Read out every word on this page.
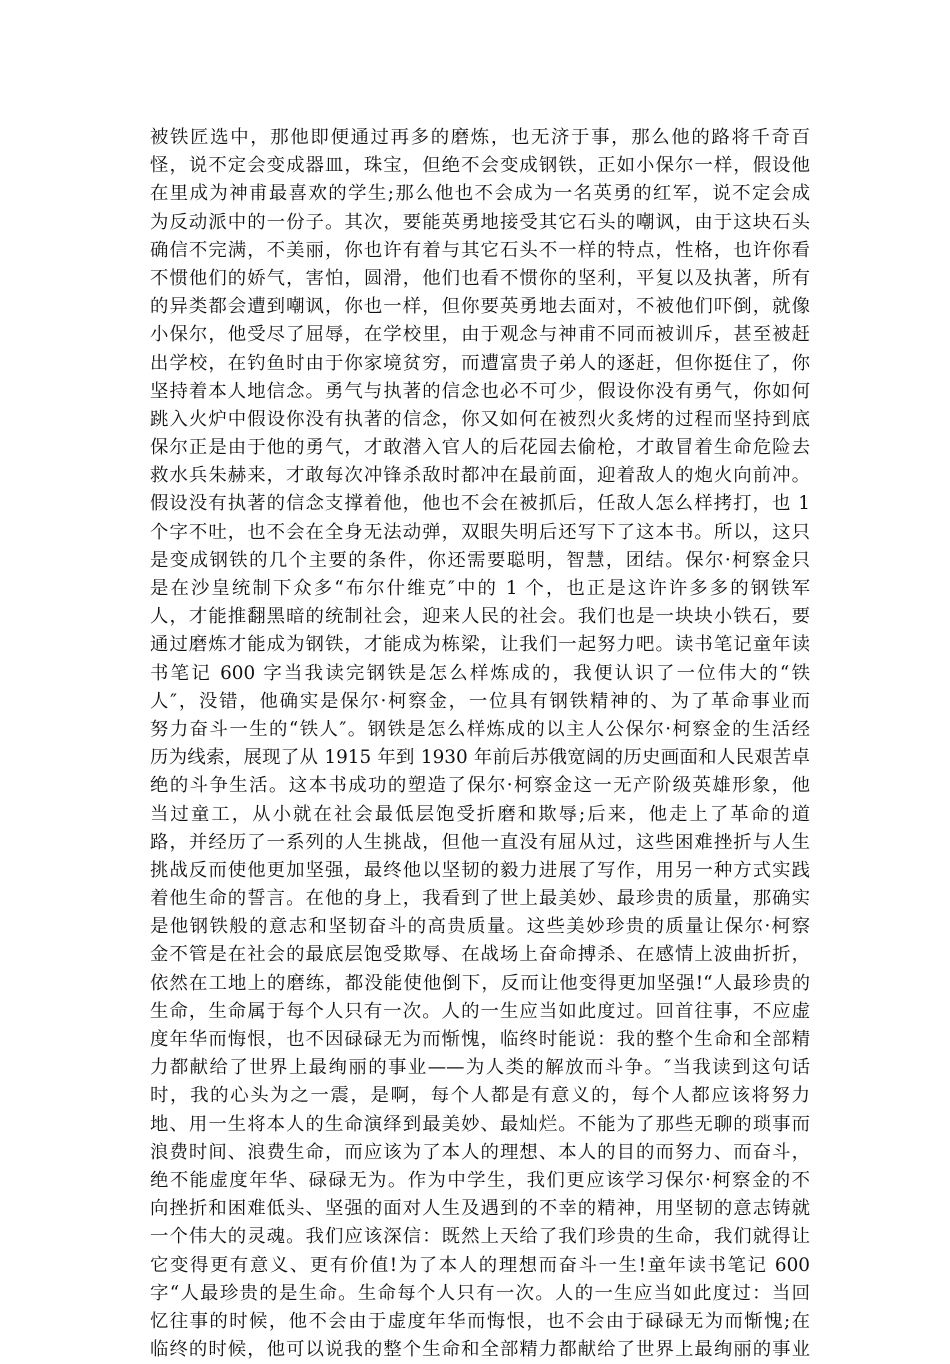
被铁匠选中，那他即便通过再多的磨炼，也无济于事，那么他的路将千奇百
怪，说不定会变成器皿，珠宝，但绝不会变成钢铁，正如小保尔一样，假设他
在里成为神甫最喜欢的学生;那么他也不会成为一名英勇的红军，说不定会成
为反动派中的一份子。其次，要能英勇地接受其它石头的嘲讽，由于这块石头
确信不完满，不美丽，你也许有着与其它石头不一样的特点，性格，也许你看
不惯他们的娇气，害怕，圆滑，他们也看不惯你的坚利，平复以及执著，所有
的异类都会遭到嘲讽，你也一样，但你要英勇地去面对，不被他们吓倒，就像
小保尔，他受尽了屈辱，在学校里，由于观念与神甫不同而被训斥，甚至被赶
出学校，在钓鱼时由于你家境贫穷，而遭富贵子弟人的逐赶，但你挺住了，你
坚持着本人地信念。勇气与执著的信念也必不可少，假设你没有勇气，你如何
跳入火炉中假设你没有执著的信念，你又如何在被烈火炙烤的过程而坚持到底
保尔正是由于他的勇气，才敢潜入官人的后花园去偷枪，才敢冒着生命危险去
救水兵朱赫来，才敢每次冲锋杀敌时都冲在最前面，迎着敌人的炮火向前冲。
假设没有执著的信念支撑着他，他也不会在被抓后，任敌人怎么样拷打，也 1
个字不吐，也不会在全身无法动弹，双眼失明后还写下了这本书。所以，这只
是变成钢铁的几个主要的条件，你还需要聪明，智慧，团结。保尔·柯察金只
是在沙皇统制下众多“布尔什维克″中的 1 个，也正是这许许多多的钢铁军
人，才能推翻黑暗的统制社会，迎来人民的社会。我们也是一块块小铁石，要
通过磨炼才能成为钢铁，才能成为栋梁，让我们一起努力吧。读书笔记童年读
书笔记 600 字当我读完钢铁是怎么样炼成的，我便认识了一位伟大的“铁
人″，没错，他确实是保尔·柯察金，一位具有钢铁精神的、为了革命事业而
努力奋斗一生的“铁人″。钢铁是怎么样炼成的以主人公保尔·柯察金的生活经
历为线索，展现了从 1915 年到 1930 年前后苏俄宽阔的历史画面和人民艰苦卓
绝的斗争生活。这本书成功的塑造了保尔·柯察金这一无产阶级英雄形象，他
当过童工，从小就在社会最低层饱受折磨和欺辱;后来，他走上了革命的道
路，并经历了一系列的人生挑战，但他一直没有屈从过，这些困难挫折与人生
挑战反而使他更加坚强，最终他以坚韧的毅力进展了写作，用另一种方式实践
着他生命的誓言。在他的身上，我看到了世上最美妙、最珍贵的质量，那确实
是他钢铁般的意志和坚韧奋斗的高贵质量。这些美妙珍贵的质量让保尔·柯察
金不管是在社会的最底层饱受欺辱、在战场上奋命搏杀、在感情上波曲折折，
依然在工地上的磨练，都没能使他倒下，反而让他变得更加坚强!“人最珍贵的
生命，生命属于每个人只有一次。人的一生应当如此度过。回首往事，不应虚
度年华而悔恨，也不因碌碌无为而惭愧，临终时能说：我的整个生命和全部精
力都献给了世界上最绚丽的事业——为人类的解放而斗争。″当我读到这句话
时，我的心头为之一震，是啊，每个人都是有意义的，每个人都应该将努力
地、用一生将本人的生命演绎到最美妙、最灿烂。不能为了那些无聊的琐事而
浪费时间、浪费生命，而应该为了本人的理想、本人的目的而努力、而奋斗，
绝不能虚度年华、碌碌无为。作为中学生，我们更应该学习保尔·柯察金的不
向挫折和困难低头、坚强的面对人生及遇到的不幸的精神，用坚韧的意志铸就
一个伟大的灵魂。我们应该深信：既然上天给了我们珍贵的生命，我们就得让
它变得更有意义、更有价值!为了本人的理想而奋斗一生!童年读书笔记 600
字“人最珍贵的是生命。生命每个人只有一次。人的一生应当如此度过：当回
忆往事的时候，他不会由于虚度年华而悔恨，也不会由于碌碌无为而惭愧;在
临终的时候，他可以说我的整个生命和全部精力都献给了世界上最绚丽的事业
